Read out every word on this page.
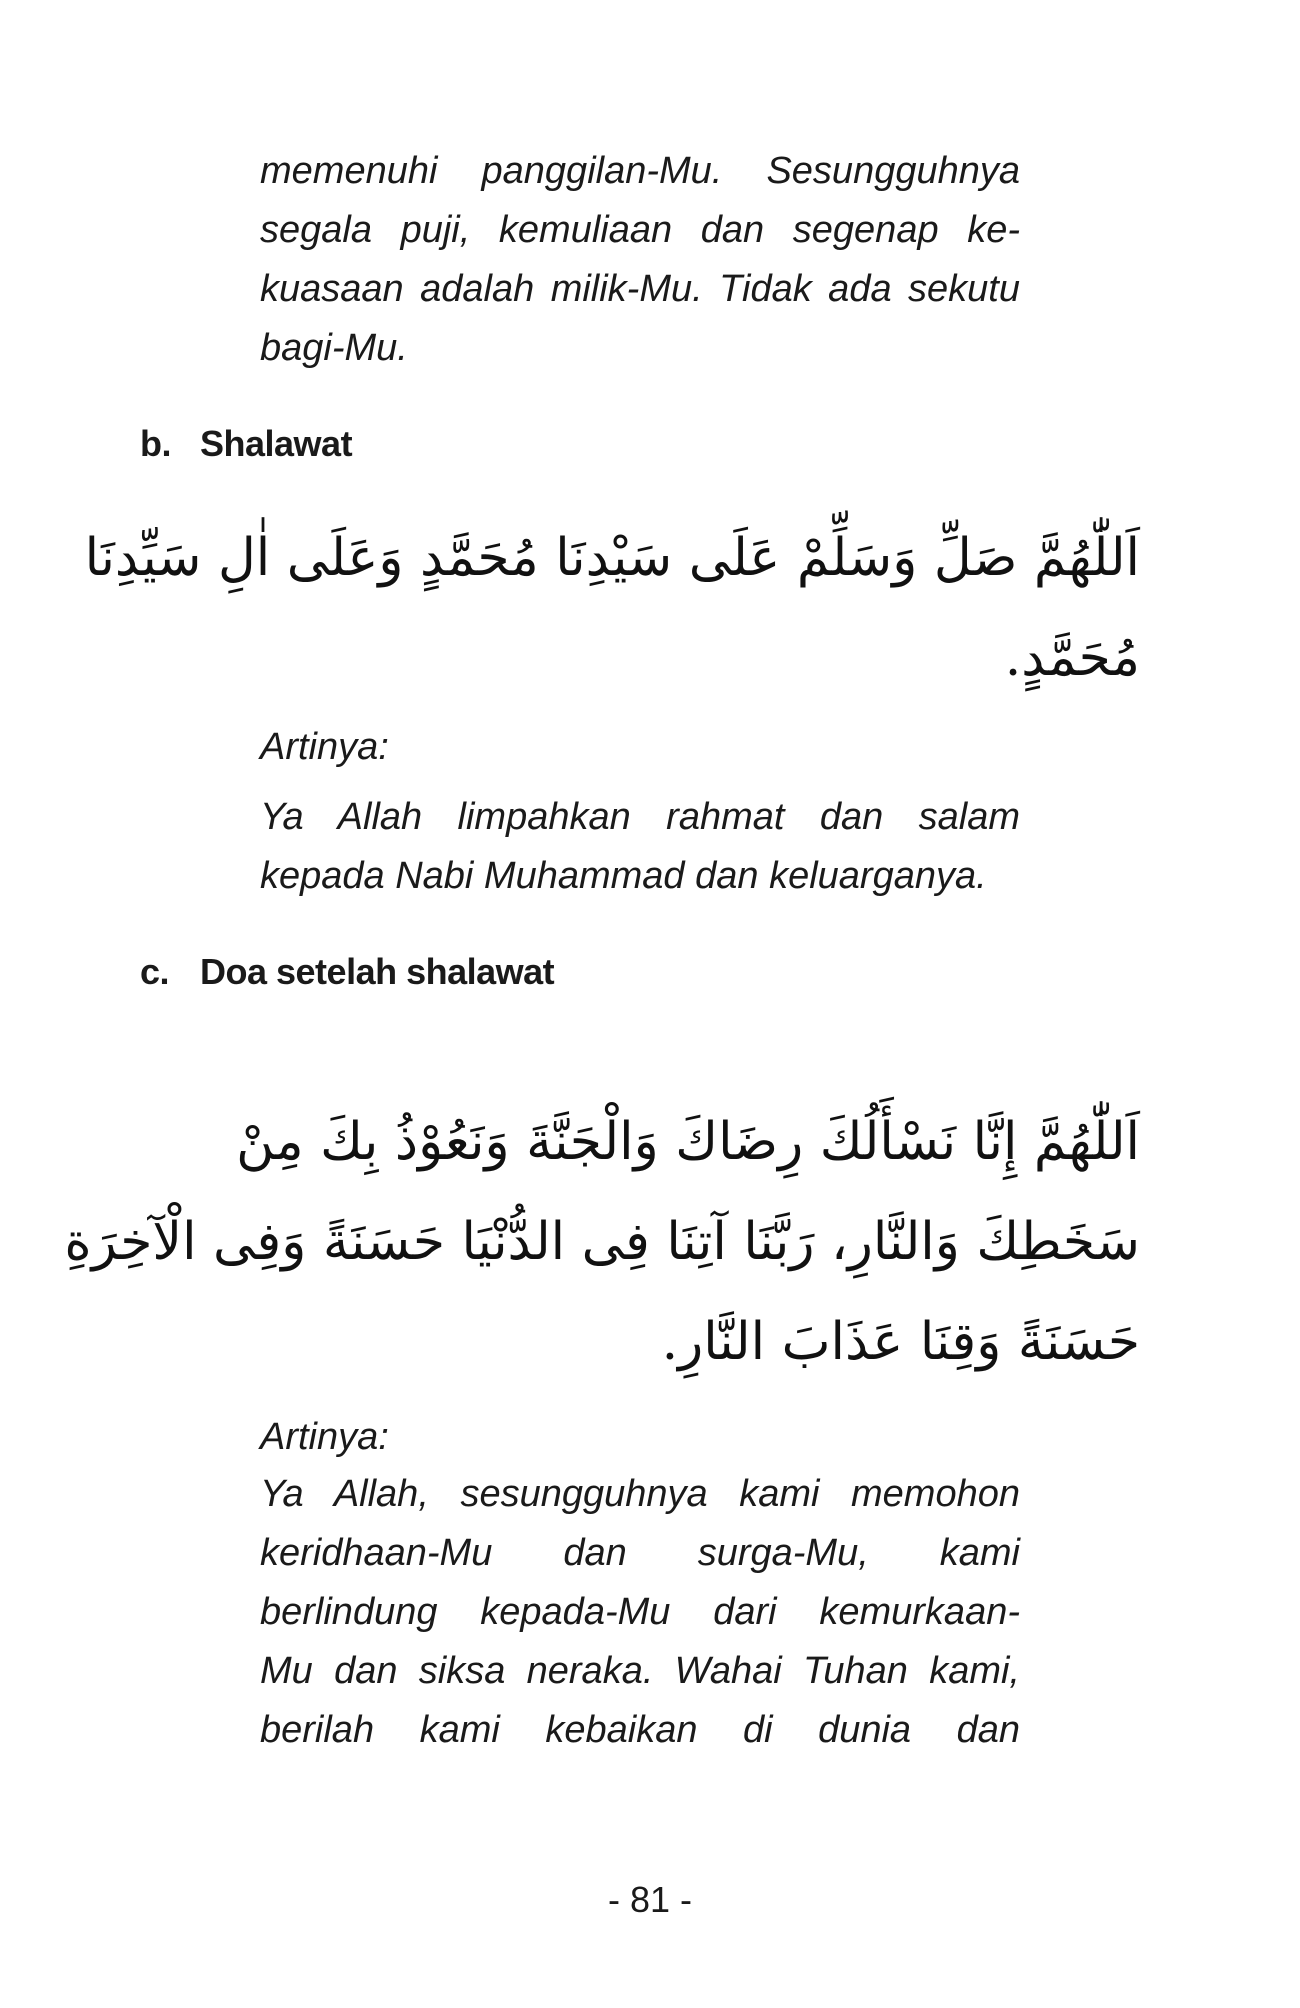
memenuhi panggilan-Mu. Sesungguhnya
segala puji, kemuliaan dan segenap ke-
kuasaan adalah milik-Mu. Tidak ada sekutu
bagi-Mu.
b. Shalawat
اَللّٰهُمَّ صَلِّ وَسَلِّمْ عَلَى سَيْدِنَا مُحَمَّدٍ وَعَلَى اٰلِ سَيِّدِنَا
مُحَمَّدٍ.
Artinya:
Ya Allah limpahkan rahmat dan salam
kepada Nabi Muhammad dan keluarganya.
c. Doa setelah shalawat
اَللّٰهُمَّ إِنَّا نَسْأَلُكَ رِضَاكَ وَالْجَنَّةَ وَنَعُوْذُ بِكَ مِنْ
سَخَطِكَ وَالنَّارِ، رَبَّنَا آتِنَا فِى الدُّنْيَا حَسَنَةً وَفِى الْآخِرَةِ
حَسَنَةً وَقِنَا عَذَابَ النَّارِ.
Artinya:
Ya Allah, sesungguhnya kami memohon
keridhaan-Mu dan surga-Mu, kami
berlindung kepada-Mu dari kemurkaan-
Mu dan siksa neraka. Wahai Tuhan kami,
berilah kami kebaikan di dunia dan
- 81 -
